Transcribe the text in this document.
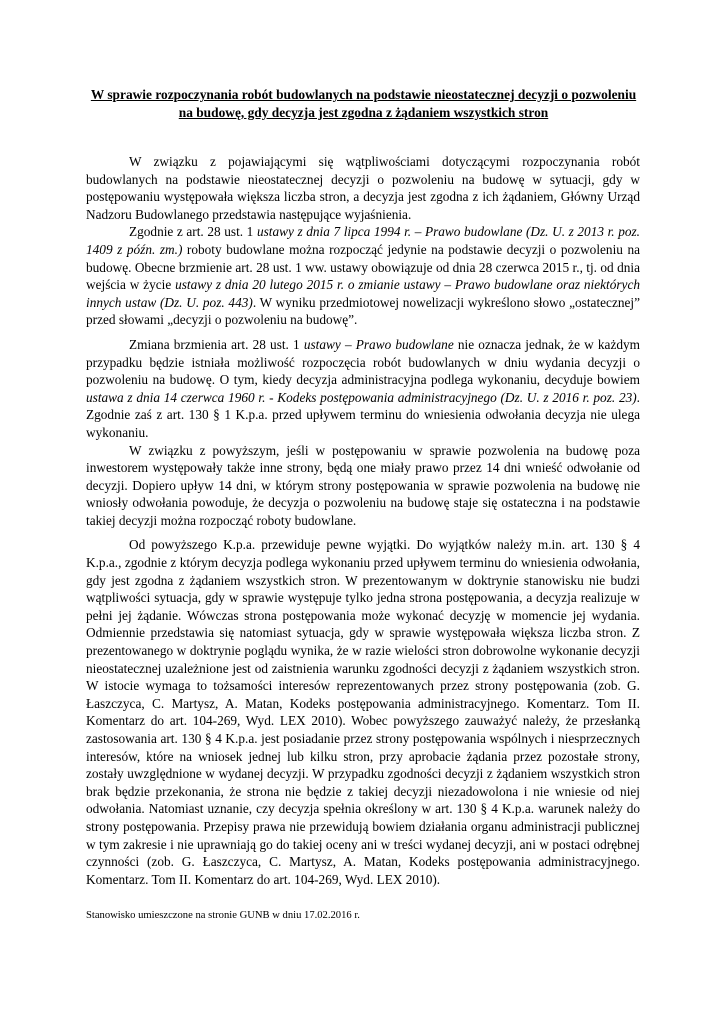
W sprawie rozpoczynania robót budowlanych na podstawie nieostatecznej decyzji o pozwoleniu na budowę, gdy decyzja jest zgodna z żądaniem wszystkich stron

W związku z pojawiającymi się wątpliwościami dotyczącymi rozpoczynania robót budowlanych na podstawie nieostatecznej decyzji o pozwoleniu na budowę w sytuacji, gdy w postępowaniu występowała większa liczba stron, a decyzja jest zgodna z ich żądaniem, Główny Urząd Nadzoru Budowlanego przedstawia następujące wyjaśnienia.

Zgodnie z art. 28 ust. 1 ustawy z dnia 7 lipca 1994 r. – Prawo budowlane (Dz. U. z 2013 r. poz. 1409 z późn. zm.) roboty budowlane można rozpocząć jedynie na podstawie decyzji o pozwoleniu na budowę. Obecne brzmienie art. 28 ust. 1 ww. ustawy obowiązuje od dnia 28 czerwca 2015 r., tj. od dnia wejścia w życie ustawy z dnia 20 lutego 2015 r. o zmianie ustawy – Prawo budowlane oraz niektórych innych ustaw (Dz. U. poz. 443). W wyniku przedmiotowej nowelizacji wykreślono słowo „ostatecznej” przed słowami „decyzji o pozwoleniu na budowę”.

Zmiana brzmienia art. 28 ust. 1 ustawy – Prawo budowlane nie oznacza jednak, że w każdym przypadku będzie istniała możliwość rozpoczęcia robót budowlanych w dniu wydania decyzji o pozwoleniu na budowę. O tym, kiedy decyzja administracyjna podlega wykonaniu, decyduje bowiem ustawa z dnia 14 czerwca 1960 r. - Kodeks postępowania administracyjnego (Dz. U. z 2016 r. poz. 23). Zgodnie zaś z art. 130 § 1 K.p.a. przed upływem terminu do wniesienia odwołania decyzja nie ulega wykonaniu.

W związku z powyższym, jeśli w postępowaniu w sprawie pozwolenia na budowę poza inwestorem występowały także inne strony, będą one miały prawo przez 14 dni wnieść odwołanie od decyzji. Dopiero upływ 14 dni, w którym strony postępowania w sprawie pozwolenia na budowę nie wniosły odwołania powoduje, że decyzja o pozwoleniu na budowę staje się ostateczna i na podstawie takiej decyzji można rozpocząć roboty budowlane.

Od powyższego K.p.a. przewiduje pewne wyjątki. Do wyjątków należy m.in. art. 130 § 4 K.p.a., zgodnie z którym decyzja podlega wykonaniu przed upływem terminu do wniesienia odwołania, gdy jest zgodna z żądaniem wszystkich stron. W prezentowanym w doktrynie stanowisku nie budzi wątpliwości sytuacja, gdy w sprawie występuje tylko jedna strona postępowania, a decyzja realizuje w pełni jej żądanie. Wówczas strona postępowania może wykonać decyzję w momencie jej wydania. Odmiennie przedstawia się natomiast sytuacja, gdy w sprawie występowała większa liczba stron. Z prezentowanego w doktrynie poglądu wynika, że w razie wielości stron dobrowolne wykonanie decyzji nieostatecznej uzależnione jest od zaistnienia warunku zgodności decyzji z żądaniem wszystkich stron. W istocie wymaga to tożsamości interesów reprezentowanych przez strony postępowania (zob. G. Łaszczyca, C. Martysz, A. Matan, Kodeks postępowania administracyjnego. Komentarz. Tom II. Komentarz do art. 104-269, Wyd. LEX 2010). Wobec powyższego zauważyć należy, że przesłanką zastosowania art. 130 § 4 K.p.a. jest posiadanie przez strony postępowania wspólnych i niesprzecznych interesów, które na wniosek jednej lub kilku stron, przy aprobacie żądania przez pozostałe strony, zostały uwzględnione w wydanej decyzji. W przypadku zgodności decyzji z żądaniem wszystkich stron brak będzie przekonania, że strona nie będzie z takiej decyzji niezadowolona i nie wniesie od niej odwołania. Natomiast uznanie, czy decyzja spełnia określony w art. 130 § 4 K.p.a. warunek należy do strony postępowania. Przepisy prawa nie przewidują bowiem działania organu administracji publicznej w tym zakresie i nie uprawniają go do takiej oceny ani w treści wydanej decyzji, ani w postaci odrębnej czynności (zob. G. Łaszczyca, C. Martysz, A. Matan, Kodeks postępowania administracyjnego. Komentarz. Tom II. Komentarz do art. 104-269, Wyd. LEX 2010).

Stanowisko umieszczone na stronie GUNB w dniu 17.02.2016 r.
